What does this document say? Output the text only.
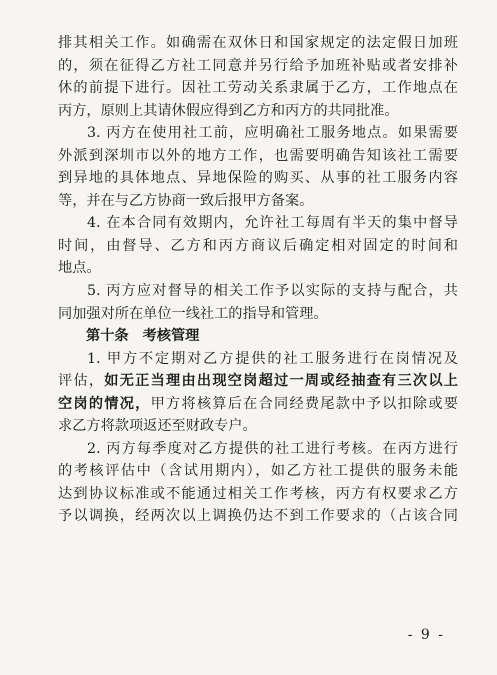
排其相关工作。如确需在双休日和国家规定的法定假日加班
的，须在征得乙方社工同意并另行给予加班补贴或者安排补
休的前提下进行。因社工劳动关系隶属于乙方，工作地点在
丙方，原则上其请休假应得到乙方和丙方的共同批准。
3. 丙方在使用社工前，应明确社工服务地点。如果需要
外派到深圳市以外的地方工作，也需要明确告知该社工需要
到异地的具体地点、异地保险的购买、从事的社工服务内容
等，并在与乙方协商一致后报甲方备案。
4. 在本合同有效期内，允许社工每周有半天的集中督导
时间，由督导、乙方和丙方商议后确定相对固定的时间和
地点。
5. 丙方应对督导的相关工作予以实际的支持与配合，共
同加强对所在单位一线社工的指导和管理。
第十条 考核管理
1. 甲方不定期对乙方提供的社工服务进行在岗情况及
评估，如无正当理由出现空岗超过一周或经抽查有三次以上
空岗的情况，甲方将核算后在合同经费尾款中予以扣除或要
求乙方将款项返还至财政专户。
2. 丙方每季度对乙方提供的社工进行考核。在丙方进行
的考核评估中（含试用期内），如乙方社工提供的服务未能
达到协议标准或不能通过相关工作考核，丙方有权要求乙方
予以调换，经两次以上调换仍达不到工作要求的（占该合同
- 9 -
